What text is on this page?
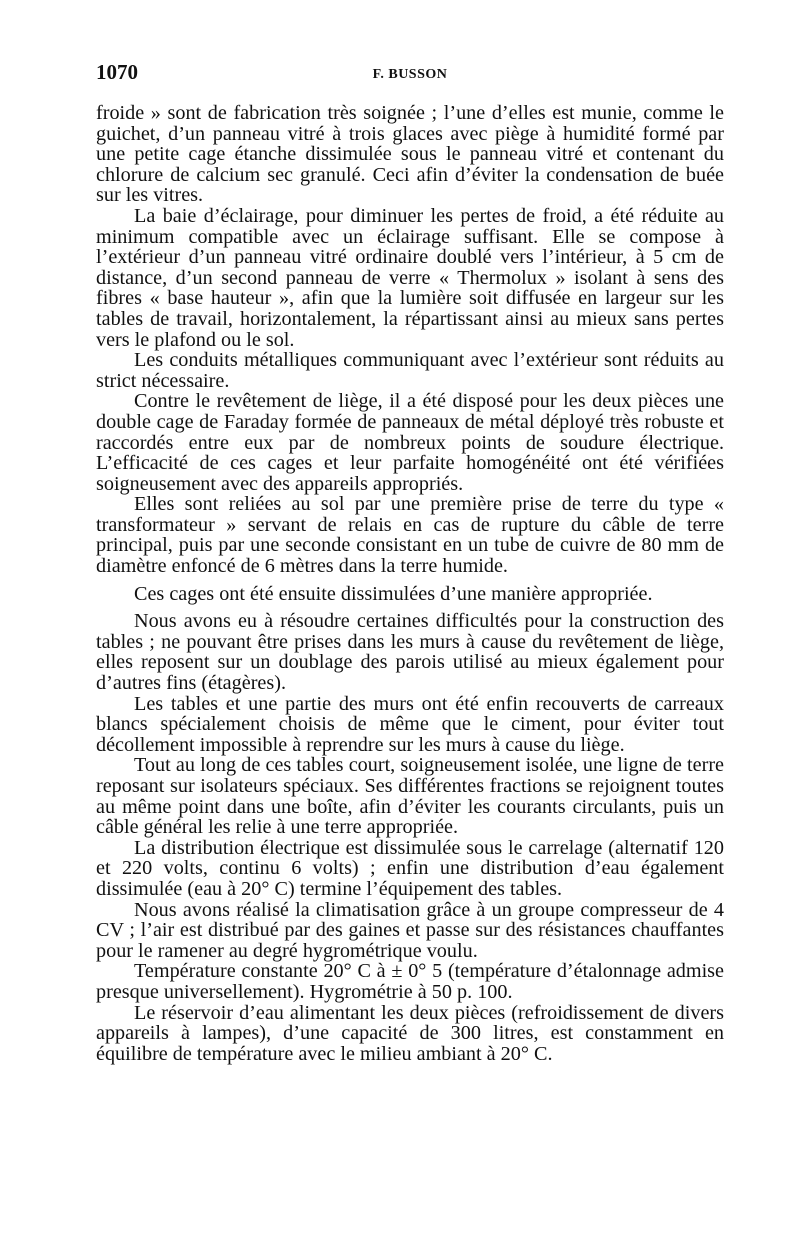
1070	F. BUSSON

froide » sont de fabrication très soignée ; l’une d’elles est munie, comme le guichet, d’un panneau vitré à trois glaces avec piège à humidité formé par une petite cage étanche dissimulée sous le panneau vitré et contenant du chlorure de calcium sec granulé. Ceci afin d’éviter la condensation de buée sur les vitres.

La baie d’éclairage, pour diminuer les pertes de froid, a été réduite au minimum compatible avec un éclairage suffisant. Elle se compose à l’extérieur d’un panneau vitré ordinaire doublé vers l’intérieur, à 5 cm de distance, d’un second panneau de verre « Thermolux » isolant à sens des fibres « base hauteur », afin que la lumière soit diffusée en largeur sur les tables de travail, horizontalement, la répartissant ainsi au mieux sans pertes vers le plafond ou le sol.

Les conduits métalliques communiquant avec l’extérieur sont réduits au strict nécessaire.

Contre le revêtement de liège, il a été disposé pour les deux pièces une double cage de Faraday formée de panneaux de métal déployé très robuste et raccordés entre eux par de nombreux points de soudure électrique. L’efficacité de ces cages et leur parfaite homogénéité ont été vérifiées soigneusement avec des appareils appropriés.

Elles sont reliées au sol par une première prise de terre du type « transformateur » servant de relais en cas de rupture du câble de terre principal, puis par une seconde consistant en un tube de cuivre de 80 mm de diamètre enfoncé de 6 mètres dans la terre humide.

Ces cages ont été ensuite dissimulées d’une manière appropriée.

Nous avons eu à résoudre certaines difficultés pour la construction des tables ; ne pouvant être prises dans les murs à cause du revêtement de liège, elles reposent sur un doublage des parois utilisé au mieux également pour d’autres fins (étagères).

Les tables et une partie des murs ont été enfin recouverts de carreaux blancs spécialement choisis de même que le ciment, pour éviter tout décollement impossible à reprendre sur les murs à cause du liège.

Tout au long de ces tables court, soigneusement isolée, une ligne de terre reposant sur isolateurs spéciaux. Ses différentes fractions se rejoignent toutes au même point dans une boîte, afin d’éviter les courants circulants, puis un câble général les relie à une terre appropriée.

La distribution électrique est dissimulée sous le carrelage (alternatif 120 et 220 volts, continu 6 volts) ; enfin une distribution d’eau également dissimulée (eau à 20° C) termine l’équipement des tables.

Nous avons réalisé la climatisation grâce à un groupe compresseur de 4 CV ; l’air est distribué par des gaines et passe sur des résistances chauffantes pour le ramener au degré hygrométrique voulu.

Température constante 20° C à ± 0° 5 (température d’étalonnage admise presque universellement). Hygrométrie à 50 p. 100.

Le réservoir d’eau alimentant les deux pièces (refroidissement de divers appareils à lampes), d’une capacité de 300 litres, est constamment en équilibre de température avec le milieu ambiant à 20° C.
